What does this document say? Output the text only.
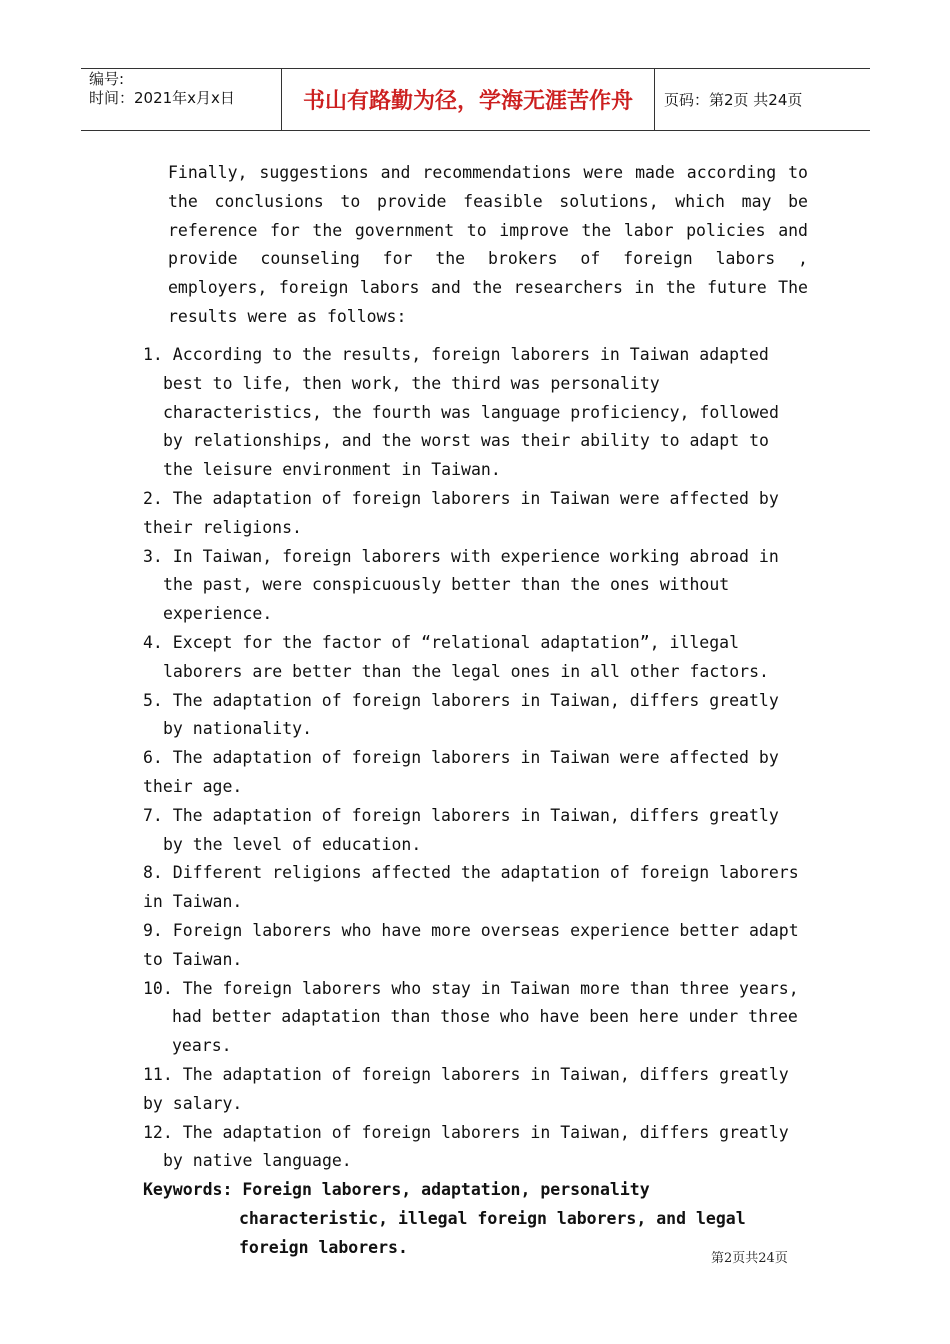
编号:
时间：2021年x月x日	书山有路勤为径，学海无涯苦作舟	页码：第2页 共24页
Finally, suggestions and recommendations were made according to the conclusions to provide feasible solutions, which may be reference for the government to improve the labor policies and provide counseling for the brokers of foreign labors , employers, foreign labors and the researchers in the future The results were as follows:

1. According to the results, foreign laborers in Taiwan adapted best to life, then work, the third was personality characteristics, the fourth was language proficiency, followed by relationships, and the worst was their ability to adapt to the leisure environment in Taiwan.

2. The adaptation of foreign laborers in Taiwan were affected by their religions.

3. In Taiwan, foreign laborers with experience working abroad in the past, were conspicuously better than the ones without experience.

4. Except for the factor of “relational adaptation”, illegal laborers are better than the legal ones in all other factors.

5. The adaptation of foreign laborers in Taiwan, differs greatly by nationality.

6. The adaptation of foreign laborers in Taiwan were affected by their age.

7. The adaptation of foreign laborers in Taiwan, differs greatly by the level of education.

8. Different religions affected the adaptation of foreign laborers in Taiwan.

9. Foreign laborers who have more overseas experience better adapt to Taiwan.

10. The foreign laborers who stay in Taiwan more than three years, had better adaptation than those who have been here under three years.

11. The adaptation of foreign laborers in Taiwan, differs greatly by salary.

12. The adaptation of foreign laborers in Taiwan, differs greatly by native language.

Keywords: Foreign laborers, adaptation, personality characteristic, illegal foreign laborers, and legal foreign laborers.

第2页共24页
